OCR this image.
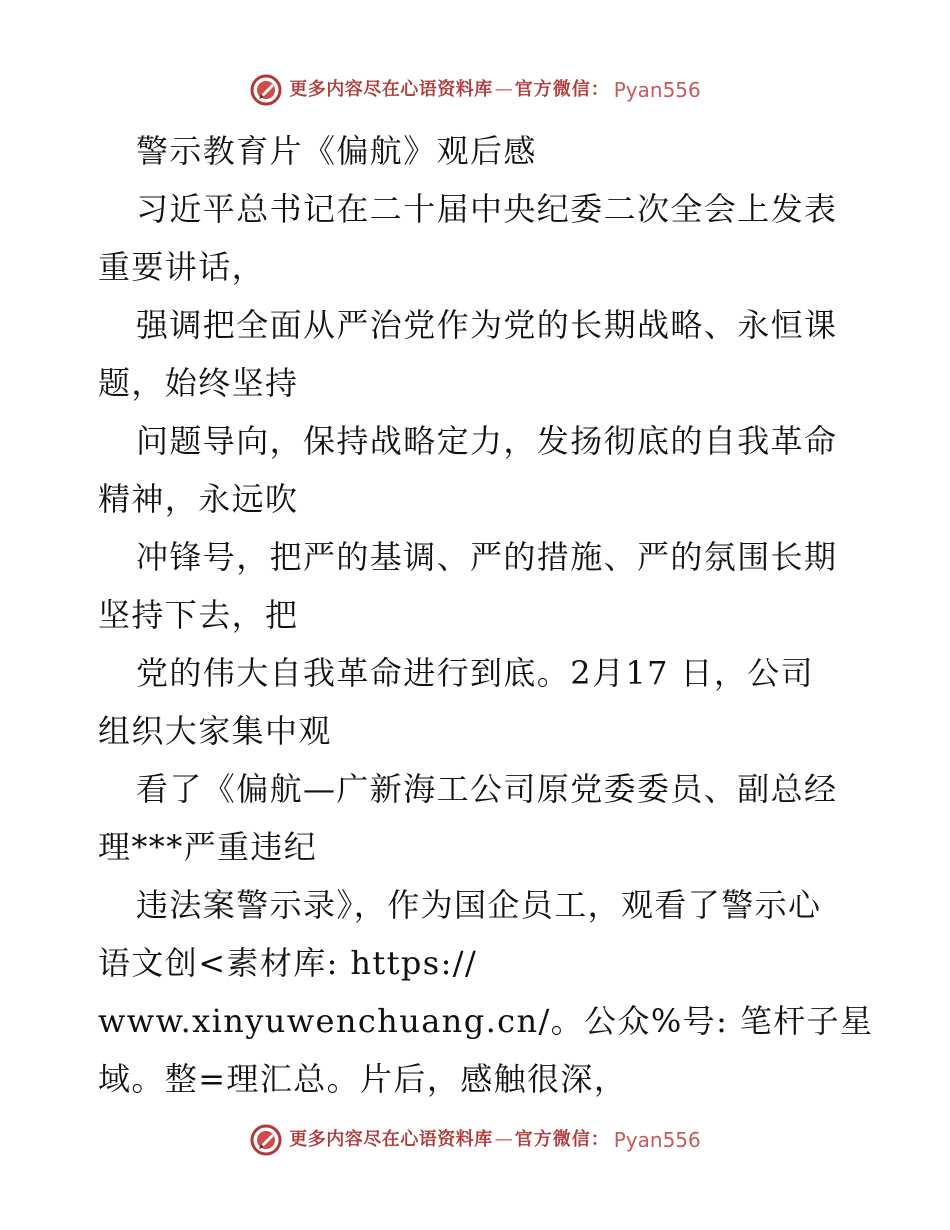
更多内容尽在心语资料库 — 官方微信： Pyan556
警示教育片《偏航》观后感
习近平总书记在二十届中央纪委二次全会上发表
重要讲话，
强调把全面从严治党作为党的长期战略、永恒课
题，始终坚持
问题导向，保持战略定力，发扬彻底的自我革命
精神，永远吹
冲锋号，把严的基调、严的措施、严的氛围长期
坚持下去，把
党的伟大自我革命进行到底。2月17 日，公司
组织大家集中观
看了《偏航—广新海工公司原党委委员、副总经
理***严重违纪
违法案警示录》，作为国企员工，观看了警示心
语文创<素材库: https://
www.xinyuwenchuang.cn/。公众%号: 笔杆子星
域。整=理汇总。片后，感触很深，
更多内容尽在心语资料库 — 官方微信： Pyan556
